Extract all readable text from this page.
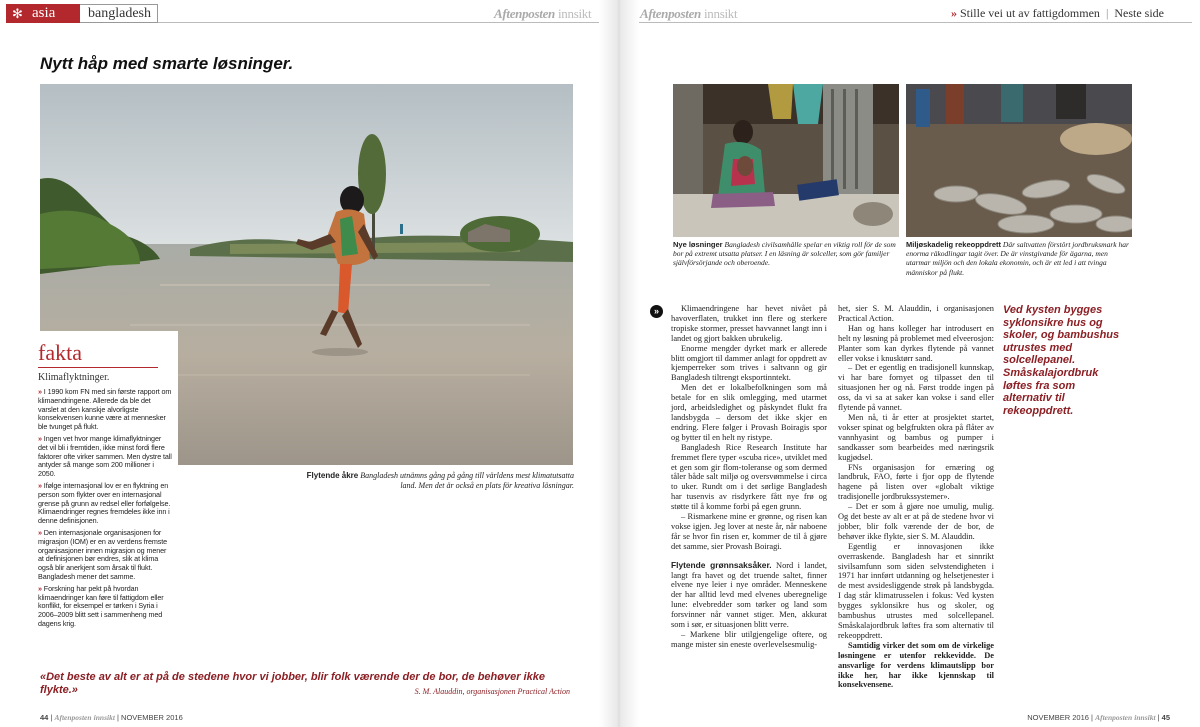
✻ asia	bangladesh	Aftenposten innsikt	Aftenposten innsikt	» Stille vei ut av fattigdommen | Neste side
Nytt håp med smarte løsninger.
Flytende åkre Bangladesh utnämns gång på gång till världens mest klimatutsatta land. Men det är också en plats för kreativa lösningar.
fakta
Klimaflyktninger.
» I 1990 kom FN med sin første rapport om klimaendringene. Allerede da ble det varslet at den kanskje alvorligste konsekvensen kunne være at mennesker ble tvunget på flukt.
» Ingen vet hvor mange klimaflyktninger det vil bli i fremtiden, ikke minst fordi flere faktorer ofte virker sammen. Men dystre tall antyder så mange som 200 millioner i 2050.
» Ifølge internasjonal lov er en flyktning en person som flykter over en internasjonal grense på grunn av redsel eller forfølgelse. Klimaendringer regnes fremdeles ikke inn i denne definisjonen.
» Den internasjonale organisasjonen for migrasjon (IOM) er en av verdens fremste organisasjoner innen migrasjon og mener at definisjonen bør endres, slik at klima også blir anerkjent som årsak til flukt. Bangladesh mener det samme.
» Forskning har pekt på hvordan klimaendringer kan føre til fattigdom eller konflikt, for eksempel er tørken i Syria i 2006–2009 blitt sett i sammenheng med dagens krig.
«Det beste av alt er at på de stedene hvor vi jobber, blir folk værende der de bor, de behøver ikke flykte.»	S. M. Alauddin, organisasjonen Practical Action
44 | Aftenposten innsikt | NOVEMBER 2016
Nye løsninger Bangladesh civilsamhälle spelar en viktig roll för de som bor på extremt utsatta platser. I en läsning är solceller, som gör familjer självförsörjande och oberoende.
Miljøskadelig rekeoppdrett Där saltvatten förstört jordbruksmark har enorma räkodlingar tagit över. De är vinstgivande för ägarna, men utarmar miljön och den lokala ekonomin, och är ett led i att tvinga människor på flukt.
»	Klimaendringene har hevet nivået på havoverflaten, trukket inn flere og sterkere tropiske stormer, presset havvannet langt inn i landet og gjort bakken ubrukelig.

Enorme mengder dyrket mark er allerede blitt omgjort til dammer anlagt for oppdrett av kjemperreker som trives i saltvann og gir Bangladesh tiltrengt eksportinntekt.

Men det er lokalbefolkningen som må betale for en slik omlegging, med utarmet jord, arbeidsledighet og påskyndet flukt fra landsbygda – dersom det ikke skjer en endring. Flere følger i Provash Boiragis spor og bytter til en helt ny ristype.

Bangladesh Rice Research Institute har fremmet flere typer «scuba rice», utviklet med et gen som gir flom-toleranse og som dermed tåler både salt miljø og oversvømmelse i circa to uker. Rundt om i det sørlige Bangladesh har tusenvis av risdyrkere fått nye frø og støtte til å komme forbi på egen grunn.

– Rismarkene mine er grønne, og risen kan vokse igjen. Jeg lover at neste år, når naboene får se hvor fin risen er, kommer de til å gjøre det samme, sier Provash Boiragi.

Flytende grønnsaksåker. Nord i landet, langt fra havet og det truende saltet, finner elvene nye leier i nye områder. Menneskene der har alltid levd med elvenes uberegnelige lune: elvebredder som tørker og land som forsvinner når vannet stiger. Men, akkurat som i sør, er situasjonen blitt verre.

– Markene blir utilgjengelige oftere, og mange mister sin eneste overlevelsesmulig-

het, sier S. M. Alauddin, i organisasjonen Practical Action.

Han og hans kolleger har introdusert en helt ny løsning på problemet med elveerosjon: Planter som kan dyrkes flytende på vannet eller vokse i knusktørr sand.

– Det er egentlig en tradisjonell kunnskap, vi har bare fornyet og tilpasset den til situasjonen her og nå. Først trodde ingen på oss, da vi sa at saker kan vokse i sand eller flytende på vannet.

Men nå, ti år etter at prosjektet startet, vokser spinat og belgfrukten okra på flåter av vannhyasint og bambus og pumper i sandkasser som bearbeides med næringsrik kugjødsel.

FNs organisasjon for ernæring og landbruk, FAO, førte i fjor opp de flytende hagene på listen over «globalt viktige tradisjonelle jordbrukssystemer».

– Det er som å gjøre noe umulig, mulig. Og det beste av alt er at på de stedene hvor vi jobber, blir folk værende der de bor, de behøver ikke flykte, sier S. M. Alauddin.

Egentlig er innovasjonen ikke overraskende. Bangladesh har et sinnrikt sivilsamfunn som siden selvstendigheten i 1971 har innført utdanning og helsetjenester i de mest avsidesliggende strøk på landsbygda. I dag står klimatrusselen i fokus: Ved kysten bygges syklonsikre hus og skoler, og bambushus utrustes med solcellepanel. Småskalajordbruk løftes fra som alternativ til rekeoppdrett.

Samtidig virker det som om de virkelige løsningene er utenfor rekkevidde. De ansvarlige for verdens klimautslipp bor ikke her, har ikke kjennskap til konsekvensene.

Ved kysten bygges syklonsikre hus og skoler, og bambushus utrustes med solcellepanel. Småskalajordbruk løftes fra som alternativ til rekeoppdrett.
NOVEMBER 2016 | Aftenposten innsikt | 45
